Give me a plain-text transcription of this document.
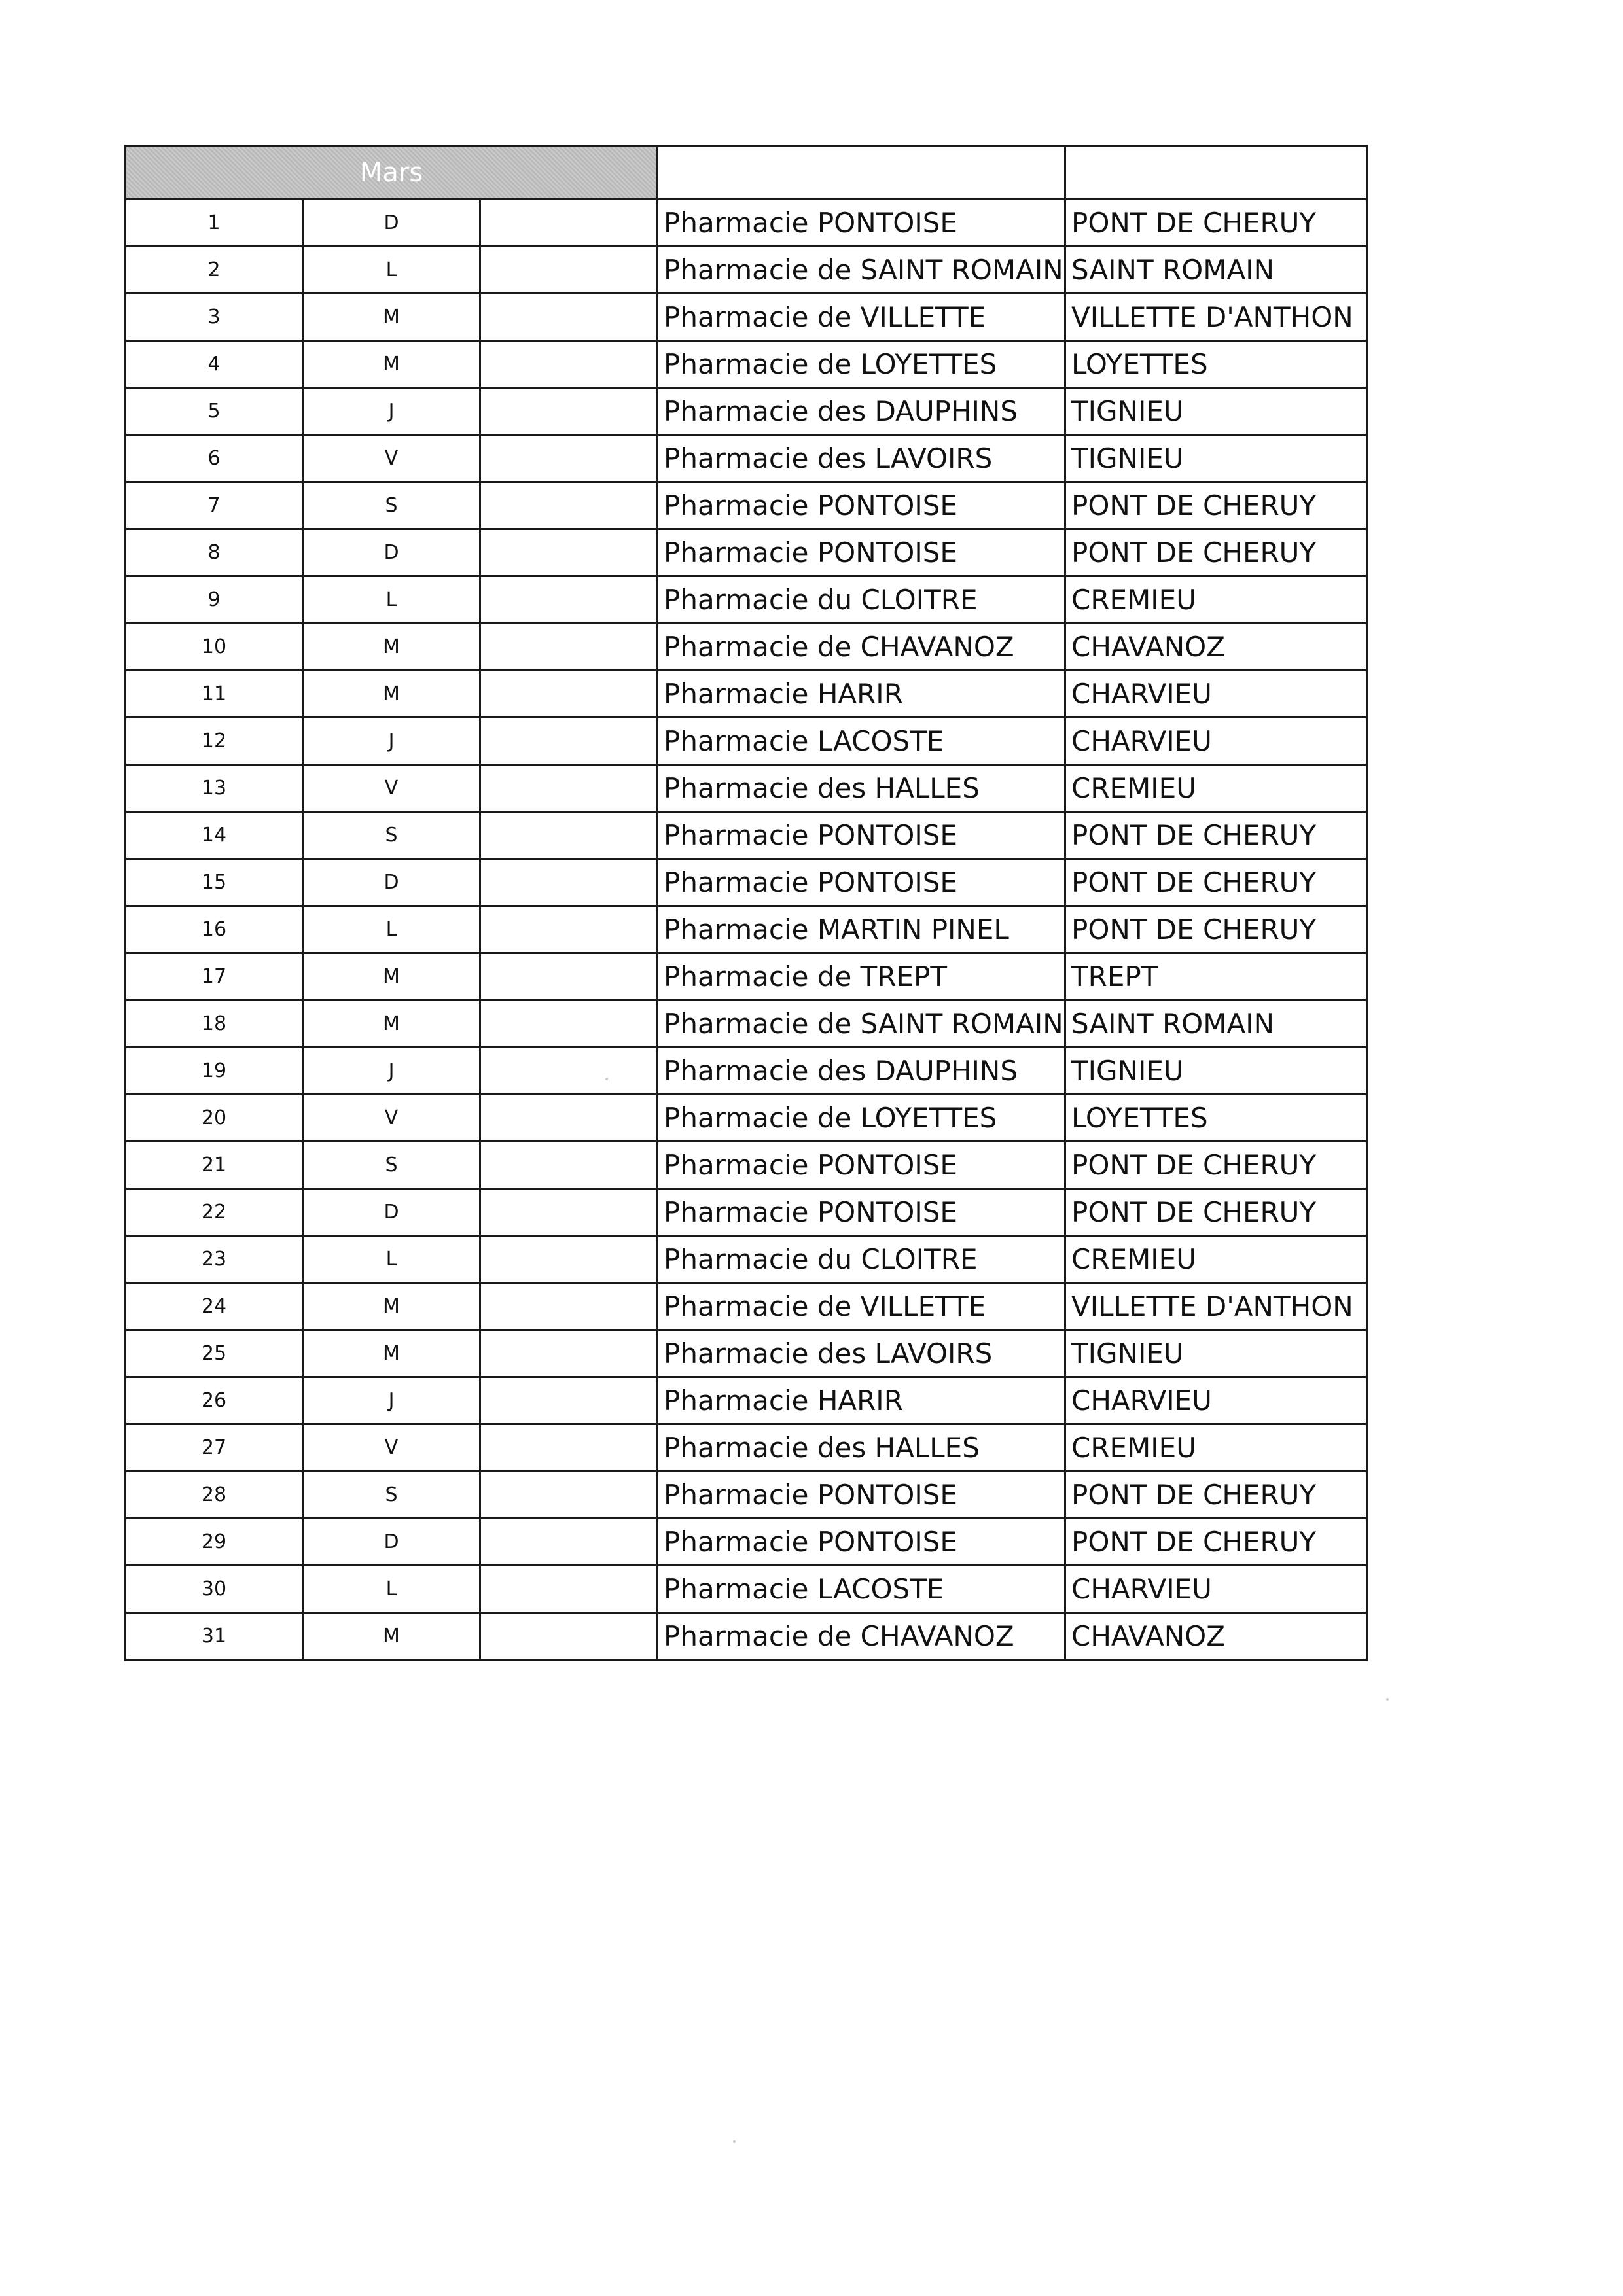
Mars				
1	D		Pharmacie PONTOISE	PONT DE CHERUY
2	L		Pharmacie de SAINT ROMAIN	SAINT ROMAIN
3	M		Pharmacie de VILLETTE	VILLETTE D'ANTHON
4	M		Pharmacie de LOYETTES	LOYETTES
5	J		Pharmacie des DAUPHINS	TIGNIEU
6	V		Pharmacie des LAVOIRS	TIGNIEU
7	S		Pharmacie PONTOISE	PONT DE CHERUY
8	D		Pharmacie PONTOISE	PONT DE CHERUY
9	L		Pharmacie du CLOITRE	CREMIEU
10	M		Pharmacie de CHAVANOZ	CHAVANOZ
11	M		Pharmacie HARIR	CHARVIEU
12	J		Pharmacie LACOSTE	CHARVIEU
13	V		Pharmacie des HALLES	CREMIEU
14	S		Pharmacie PONTOISE	PONT DE CHERUY
15	D		Pharmacie PONTOISE	PONT DE CHERUY
16	L		Pharmacie MARTIN PINEL	PONT DE CHERUY
17	M		Pharmacie de TREPT	TREPT
18	M		Pharmacie de SAINT ROMAIN	SAINT ROMAIN
19	J		Pharmacie des DAUPHINS	TIGNIEU
20	V		Pharmacie de LOYETTES	LOYETTES
21	S		Pharmacie PONTOISE	PONT DE CHERUY
22	D		Pharmacie PONTOISE	PONT DE CHERUY
23	L		Pharmacie du CLOITRE	CREMIEU
24	M		Pharmacie de VILLETTE	VILLETTE D'ANTHON
25	M		Pharmacie des LAVOIRS	TIGNIEU
26	J		Pharmacie HARIR	CHARVIEU
27	V		Pharmacie des HALLES	CREMIEU
28	S		Pharmacie PONTOISE	PONT DE CHERUY
29	D		Pharmacie PONTOISE	PONT DE CHERUY
30	L		Pharmacie LACOSTE	CHARVIEU
31	M		Pharmacie de CHAVANOZ	CHAVANOZ
